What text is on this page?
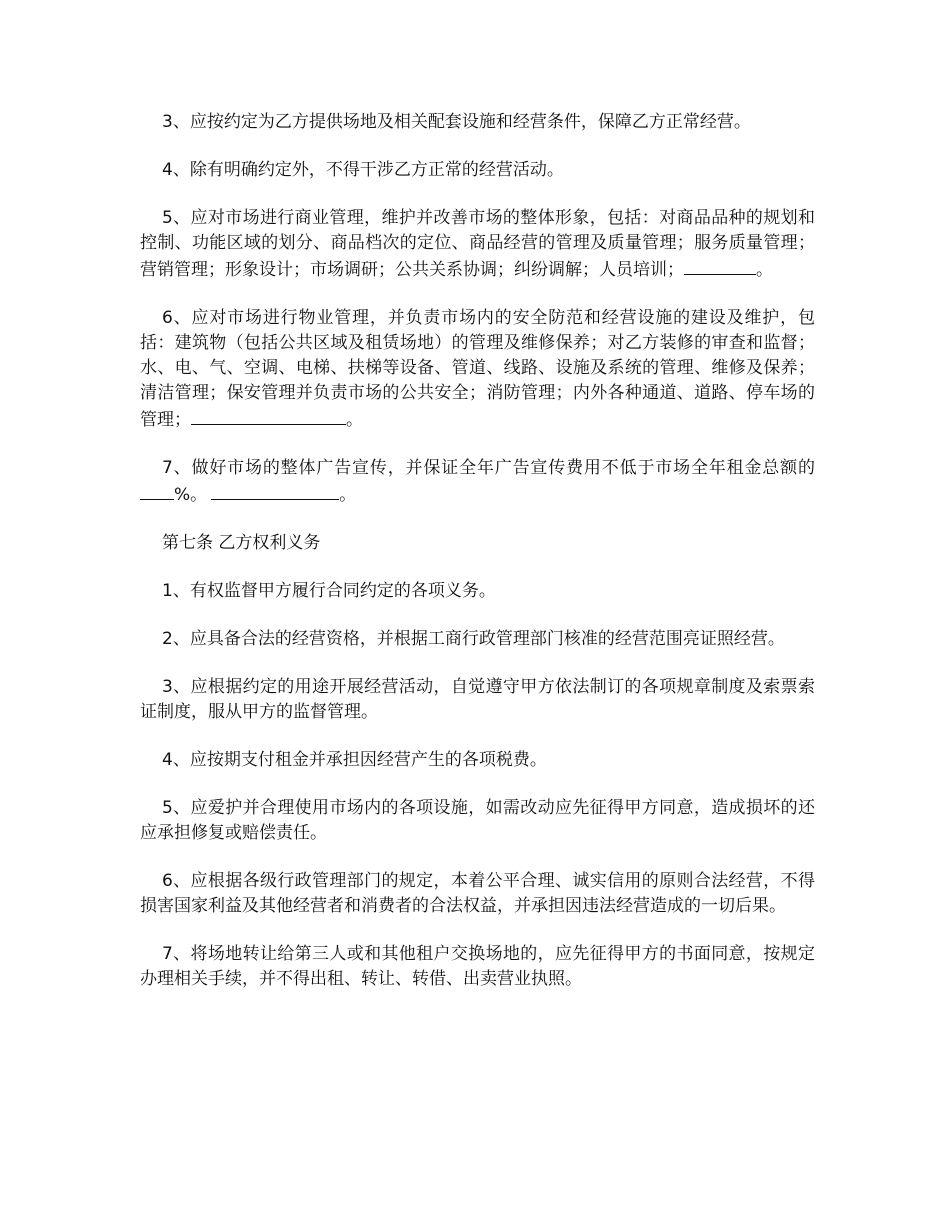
3、应按约定为乙方提供场地及相关配套设施和经营条件，保障乙方正常经营。

4、除有明确约定外，不得干涉乙方正常的经营活动。

5、应对市场进行商业管理，维护并改善市场的整体形象，包括：对商品品种的规划和控制、功能区域的划分、商品档次的定位、商品经营的管理及质量管理；服务质量管理；营销管理；形象设计；市场调研；公共关系协调；纠纷调解；人员培训；	。

6、应对市场进行物业管理，并负责市场内的安全防范和经营设施的建设及维护，包括：建筑物（包括公共区域及租赁场地）的管理及维修保养；对乙方装修的审查和监督；水、电、气、空调、电梯、扶梯等设备、管道、线路、设施及系统的管理、维修及保养；清洁管理；保安管理并负责市场的公共安全；消防管理；内外各种通道、道路、停车场的管理；	。

7、做好市场的整体广告宣传，并保证全年广告宣传费用不低于市场全年租金总额的%。	。

第七条 乙方权利义务

1、有权监督甲方履行合同约定的各项义务。

2、应具备合法的经营资格，并根据工商行政管理部门核准的经营范围亮证照经营。

3、应根据约定的用途开展经营活动，自觉遵守甲方依法制订的各项规章制度及索票索证制度，服从甲方的监督管理。

4、应按期支付租金并承担因经营产生的各项税费。

5、应爱护并合理使用市场内的各项设施，如需改动应先征得甲方同意，造成损坏的还应承担修复或赔偿责任。

6、应根据各级行政管理部门的规定，本着公平合理、诚实信用的原则合法经营，不得损害国家利益及其他经营者和消费者的合法权益，并承担因违法经营造成的一切后果。

7、将场地转让给第三人或和其他租户交换场地的，应先征得甲方的书面同意，按规定办理相关手续，并不得出租、转让、转借、出卖营业执照。
